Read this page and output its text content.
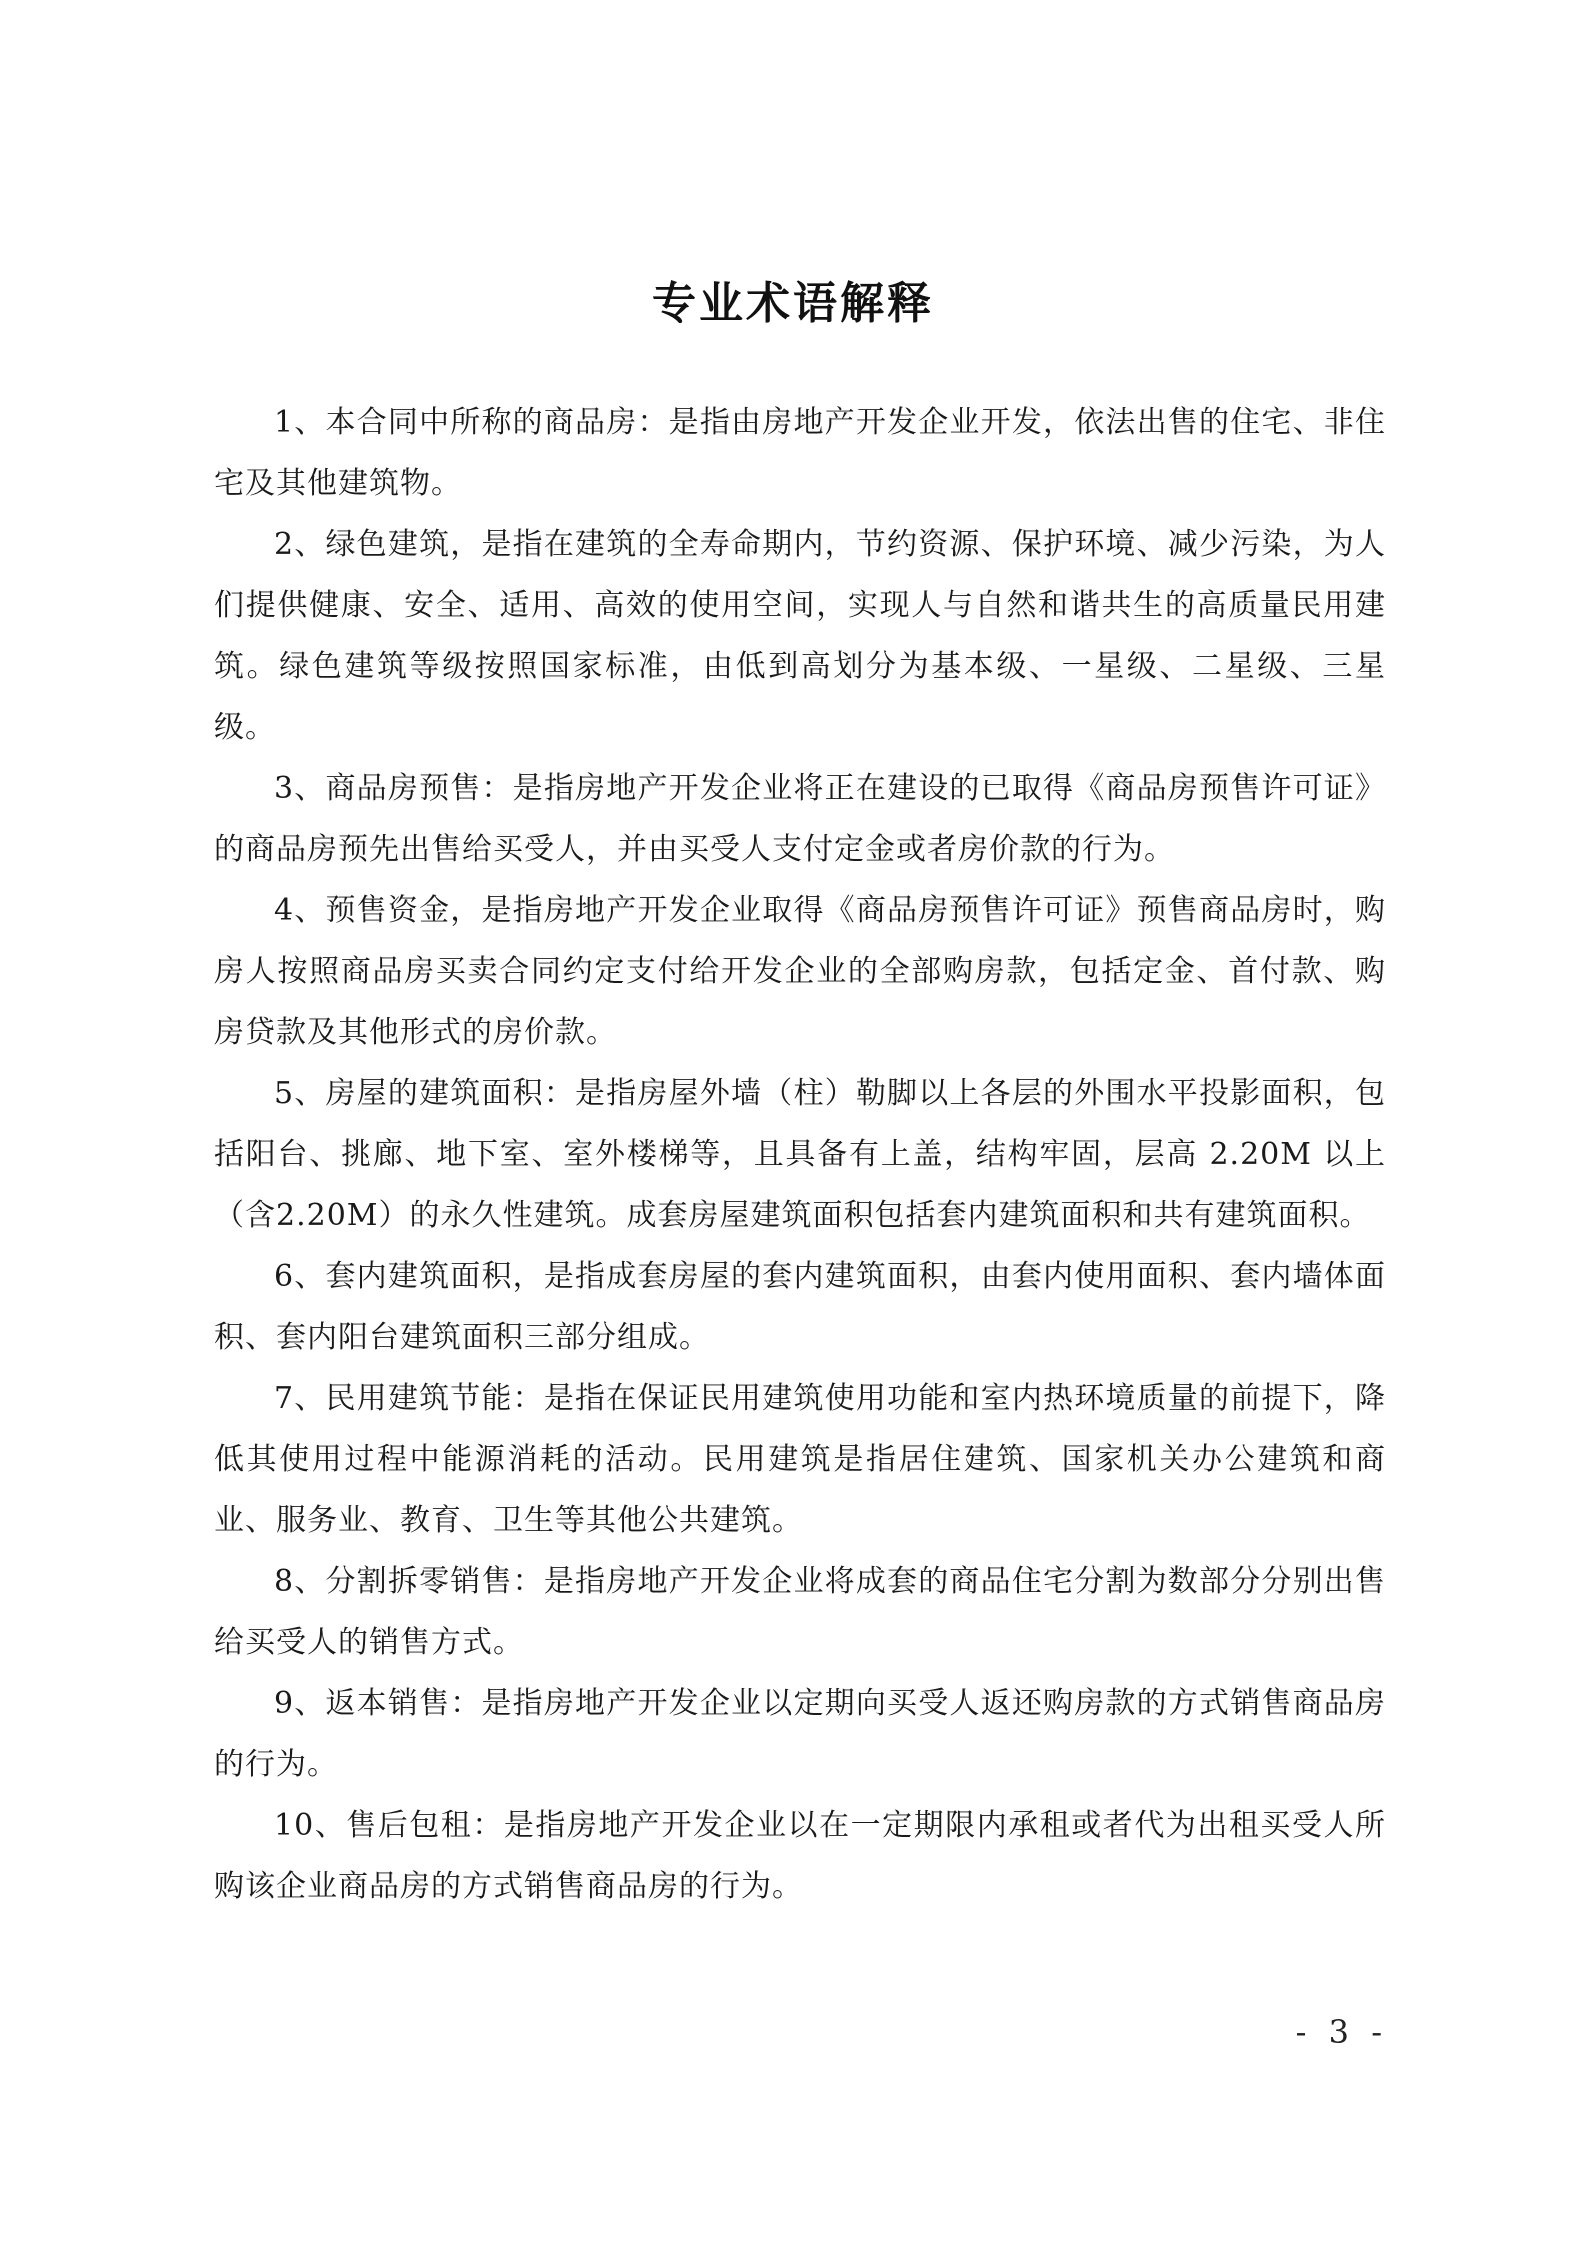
专业术语解释

1、本合同中所称的商品房：是指由房地产开发企业开发，依法出售的住宅、非住宅及其他建筑物。

2、绿色建筑，是指在建筑的全寿命期内，节约资源、保护环境、减少污染，为人们提供健康、安全、适用、高效的使用空间，实现人与自然和谐共生的高质量民用建筑。绿色建筑等级按照国家标准，由低到高划分为基本级、一星级、二星级、三星级。

3、商品房预售：是指房地产开发企业将正在建设的已取得《商品房预售许可证》的商品房预先出售给买受人，并由买受人支付定金或者房价款的行为。

4、预售资金，是指房地产开发企业取得《商品房预售许可证》预售商品房时，购房人按照商品房买卖合同约定支付给开发企业的全部购房款，包括定金、首付款、购房贷款及其他形式的房价款。

5、房屋的建筑面积：是指房屋外墙（柱）勒脚以上各层的外围水平投影面积，包括阳台、挑廊、地下室、室外楼梯等，且具备有上盖，结构牢固，层高 2.20M 以上（含2.20M）的永久性建筑。成套房屋建筑面积包括套内建筑面积和共有建筑面积。

6、套内建筑面积，是指成套房屋的套内建筑面积，由套内使用面积、套内墙体面积、套内阳台建筑面积三部分组成。

7、民用建筑节能：是指在保证民用建筑使用功能和室内热环境质量的前提下，降低其使用过程中能源消耗的活动。民用建筑是指居住建筑、国家机关办公建筑和商业、服务业、教育、卫生等其他公共建筑。

8、分割拆零销售：是指房地产开发企业将成套的商品住宅分割为数部分分别出售给买受人的销售方式。

9、返本销售：是指房地产开发企业以定期向买受人返还购房款的方式销售商品房的行为。

10、售后包租：是指房地产开发企业以在一定期限内承租或者代为出租买受人所购该企业商品房的方式销售商品房的行为。

- 3 -
